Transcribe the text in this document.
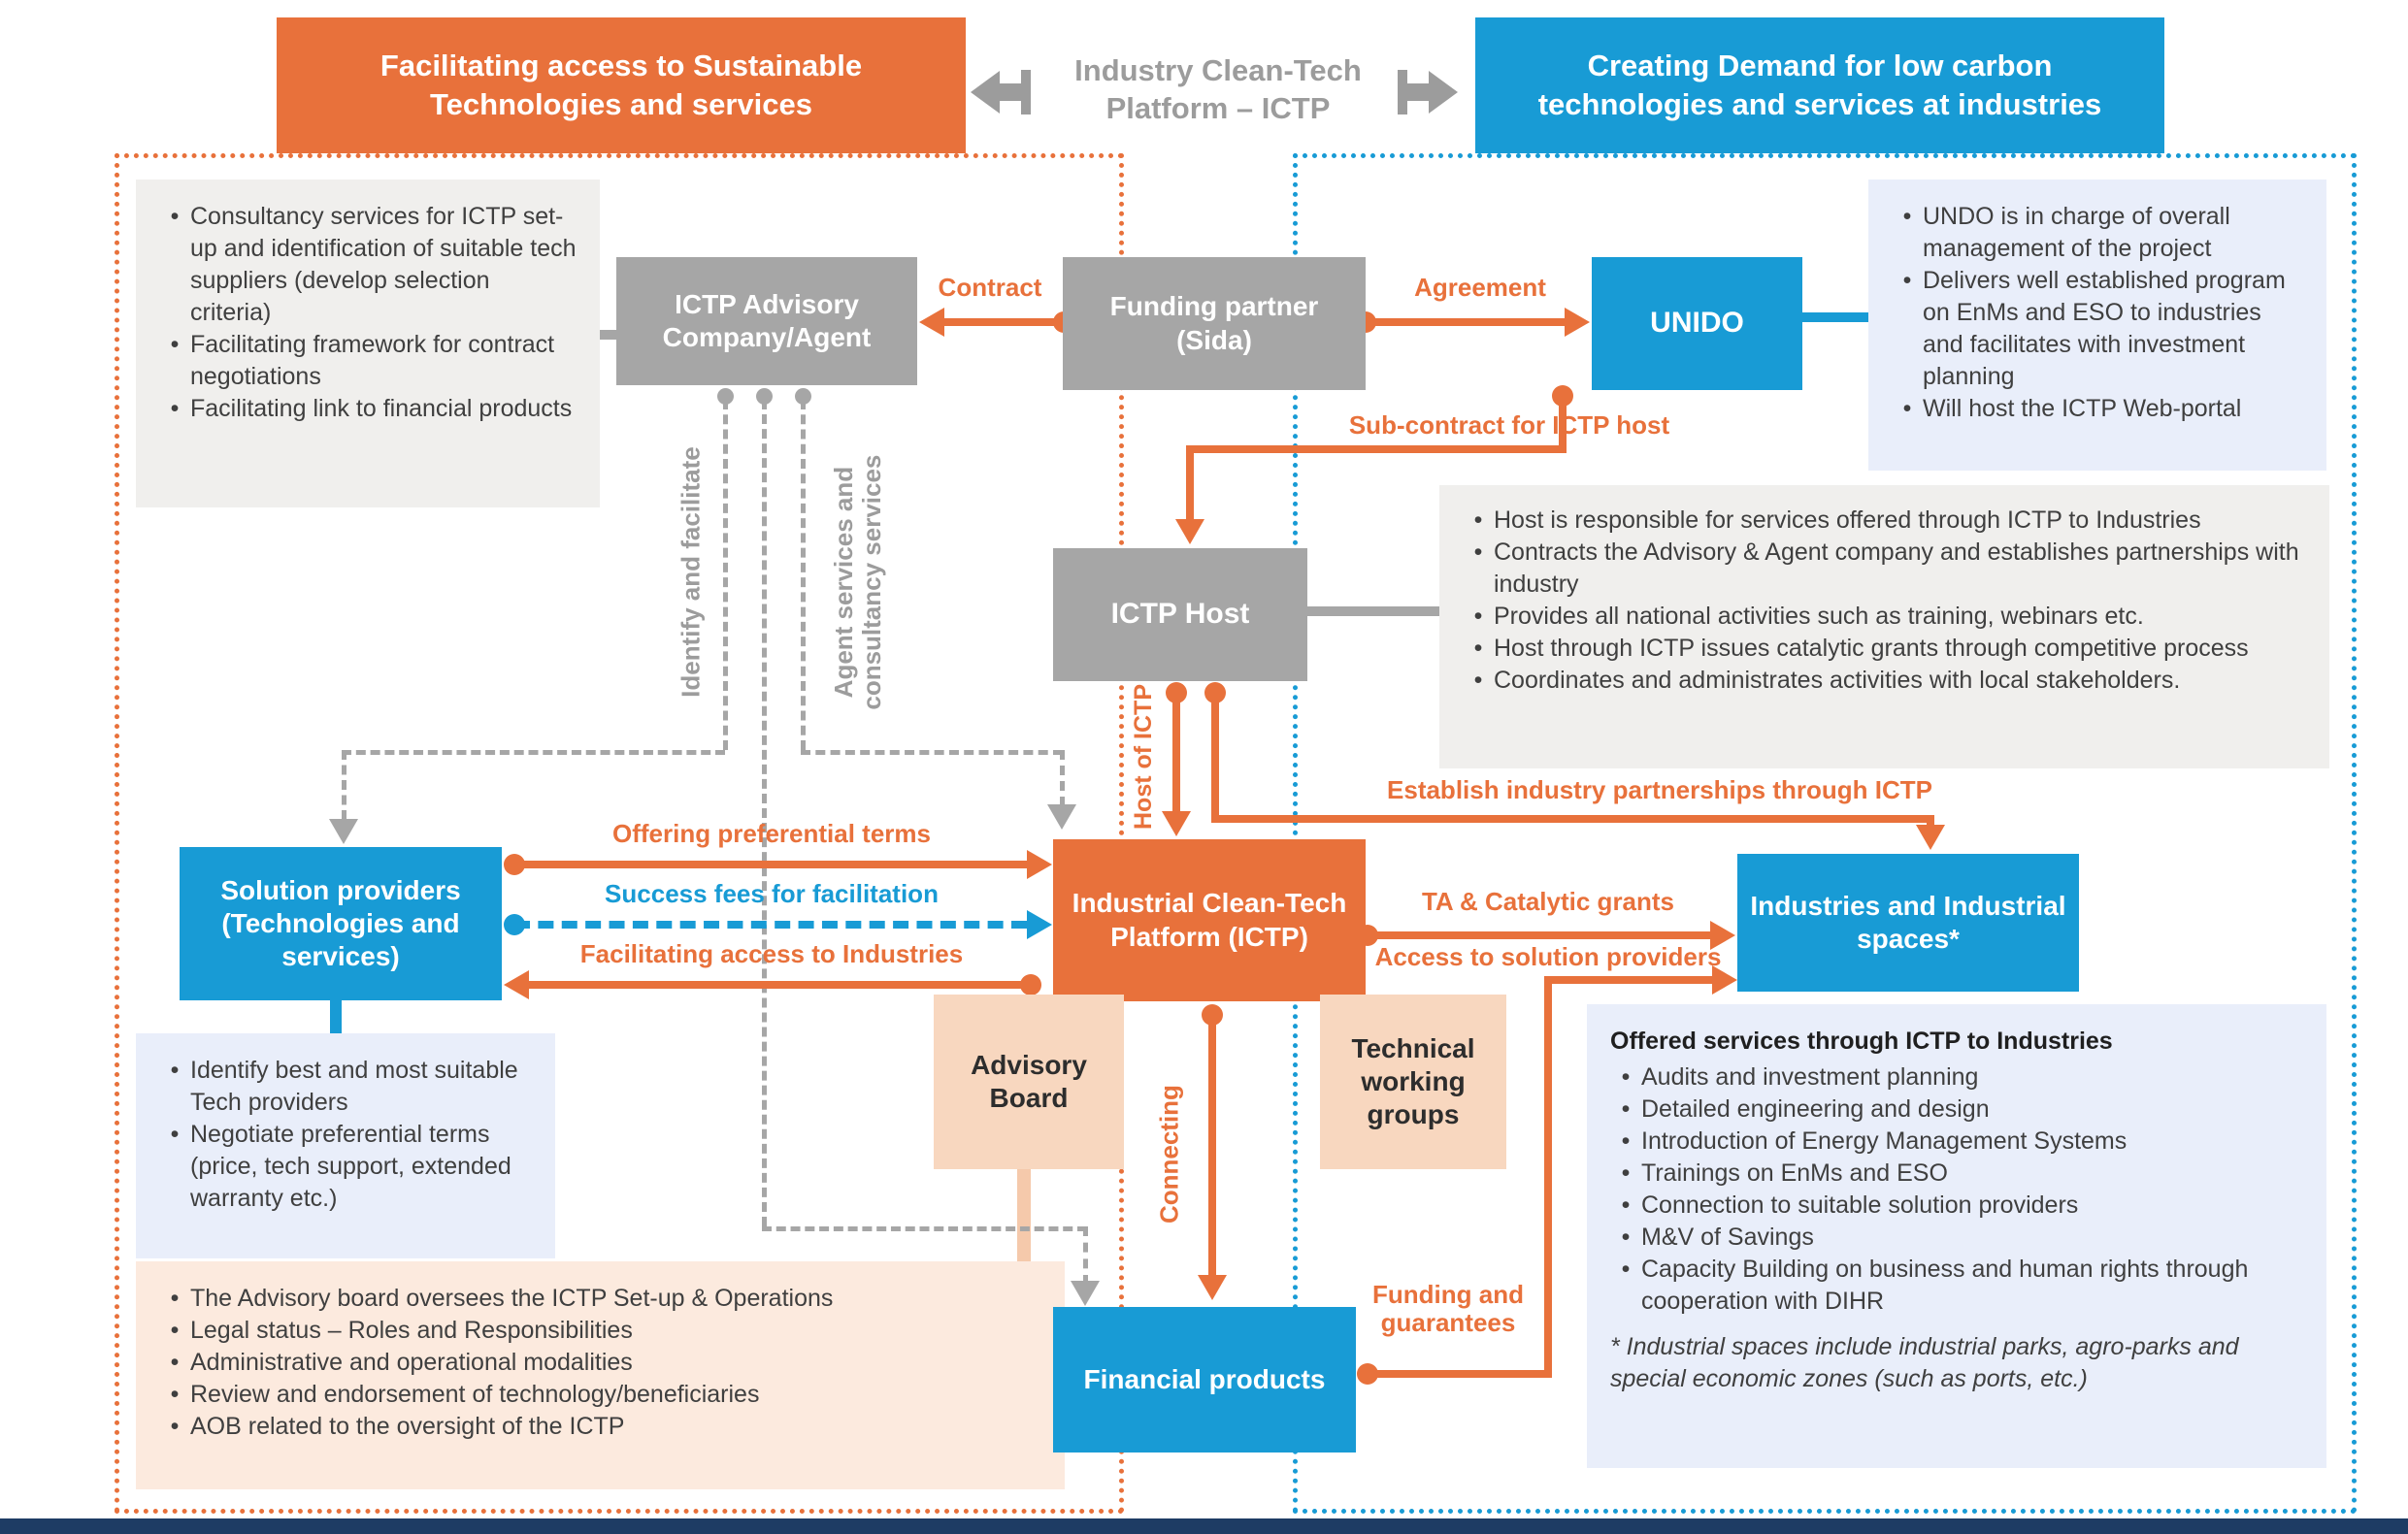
Facilitating access to Sustainable Technologies and services
Industry Clean-Tech Platform – ICTP
Creating Demand for low carbon technologies and services at industries
• Consultancy services for ICTP set-up and identification of suitable tech suppliers (develop selection criteria)
• Facilitating framework for contract negotiations
• Facilitating link to financial products
• UNDO is in charge of overall management of the project
• Delivers well established program on EnMs and ESO to industries and facilitates with investment planning
• Will host the ICTP Web-portal
• Host is responsible for services offered through ICTP to Industries
• Contracts the Advisory & Agent company and establishes partnerships with industry
• Provides all national activities such as training, webinars etc.
• Host through ICTP issues catalytic grants through competitive process
• Coordinates and administrates activities with local stakeholders.
• Identify best and most suitable Tech providers
• Negotiate preferential terms (price, tech support, extended warranty etc.)
• The Advisory board oversees the ICTP Set-up & Operations
• Legal status – Roles and Responsibilities
• Administrative and operational modalities
• Review and endorsement of technology/beneficiaries
• AOB related to the oversight of the ICTP
Offered services through ICTP to Industries
• Audits and investment planning
• Detailed engineering and design
• Introduction of Energy Management Systems
• Trainings on EnMs and ESO
• Connection to suitable solution providers
• M&V of Savings
• Capacity Building on business and human rights through cooperation with DIHR
* Industrial spaces include industrial parks, agro-parks and special economic zones (such as ports, etc.)
Identify and facilitate	Agent services and consultancy services
Contract	Agreement
Sub-contract for ICTP host
Host of ICTP	Establish industry partnerships through ICTP
Offering preferential terms
Success fees for facilitation
Facilitating access to Industries
TA & Catalytic grants
Access to solution providers
Funding and guarantees
Connecting
ICTP Advisory Company/Agent
Funding partner (Sida)
UNIDO
ICTP Host
Industrial Clean-Tech Platform (ICTP)
Solution providers (Technologies and services)
Industries and Industrial spaces*
Financial products
Advisory Board
Technical working groups
